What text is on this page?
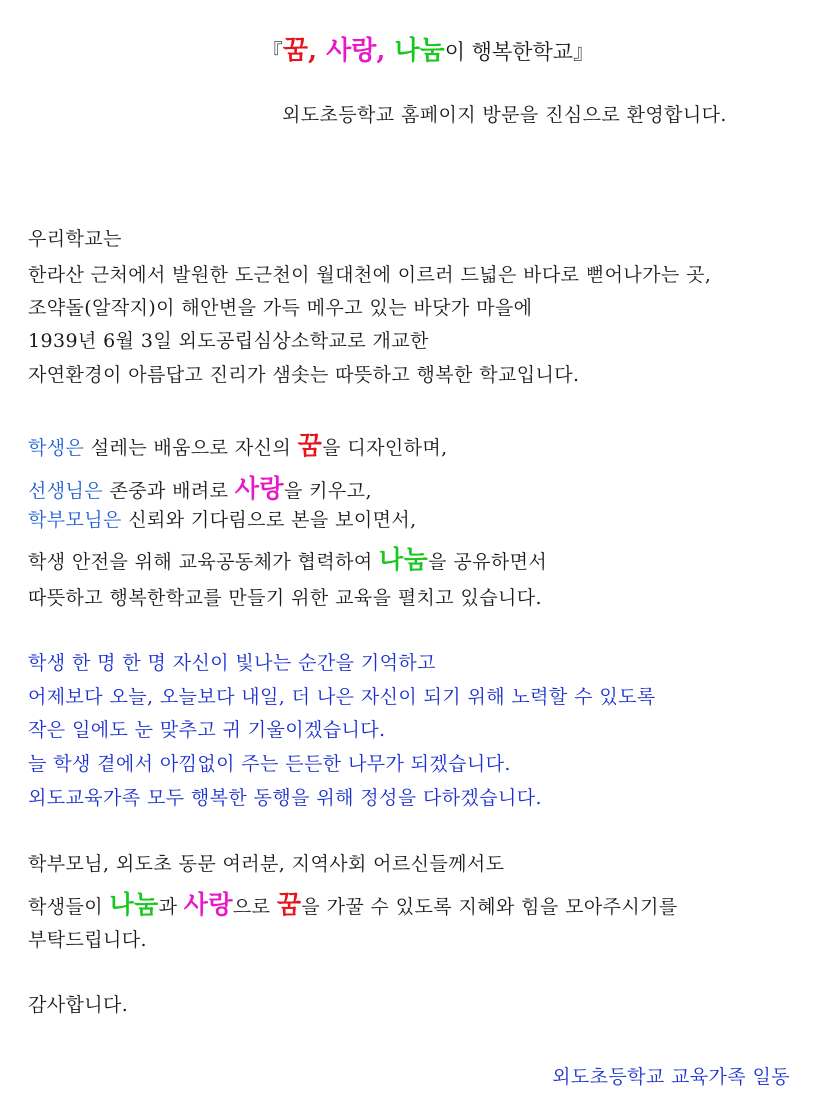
『꿈, 사랑, 나눔이 행복한학교』
외도초등학교 홈페이지 방문을 진심으로 환영합니다.
우리학교는
한라산 근처에서 발원한 도근천이 월대천에 이르러 드넓은 바다로 뻗어나가는 곳,
조약돌(알작지)이 해안변을 가득 메우고 있는 바닷가 마을에
1939년 6월 3일 외도공립심상소학교로 개교한
자연환경이 아름답고 진리가 샘솟는 따뜻하고 행복한 학교입니다.
학생은 설레는 배움으로 자신의 꿈을 디자인하며,
선생님은 존중과 배려로 사랑을 키우고,
학부모님은 신뢰와 기다림으로 본을 보이면서,
학생 안전을 위해 교육공동체가 협력하여 나눔을 공유하면서
따뜻하고 행복한학교를 만들기 위한 교육을 펼치고 있습니다.
학생 한 명 한 명 자신이 빛나는 순간을 기억하고
어제보다 오늘, 오늘보다 내일, 더 나은 자신이 되기 위해 노력할 수 있도록
작은 일에도 눈 맞추고 귀 기울이겠습니다.
늘 학생 곁에서 아낌없이 주는 든든한 나무가 되겠습니다.
외도교육가족 모두 행복한 동행을 위해 정성을 다하겠습니다.
학부모님, 외도초 동문 여러분, 지역사회 어르신들께서도
학생들이 나눔과 사랑으로 꿈을 가꿀 수 있도록 지혜와 힘을 모아주시기를
부탁드립니다.
감사합니다.
외도초등학교 교육가족 일동
